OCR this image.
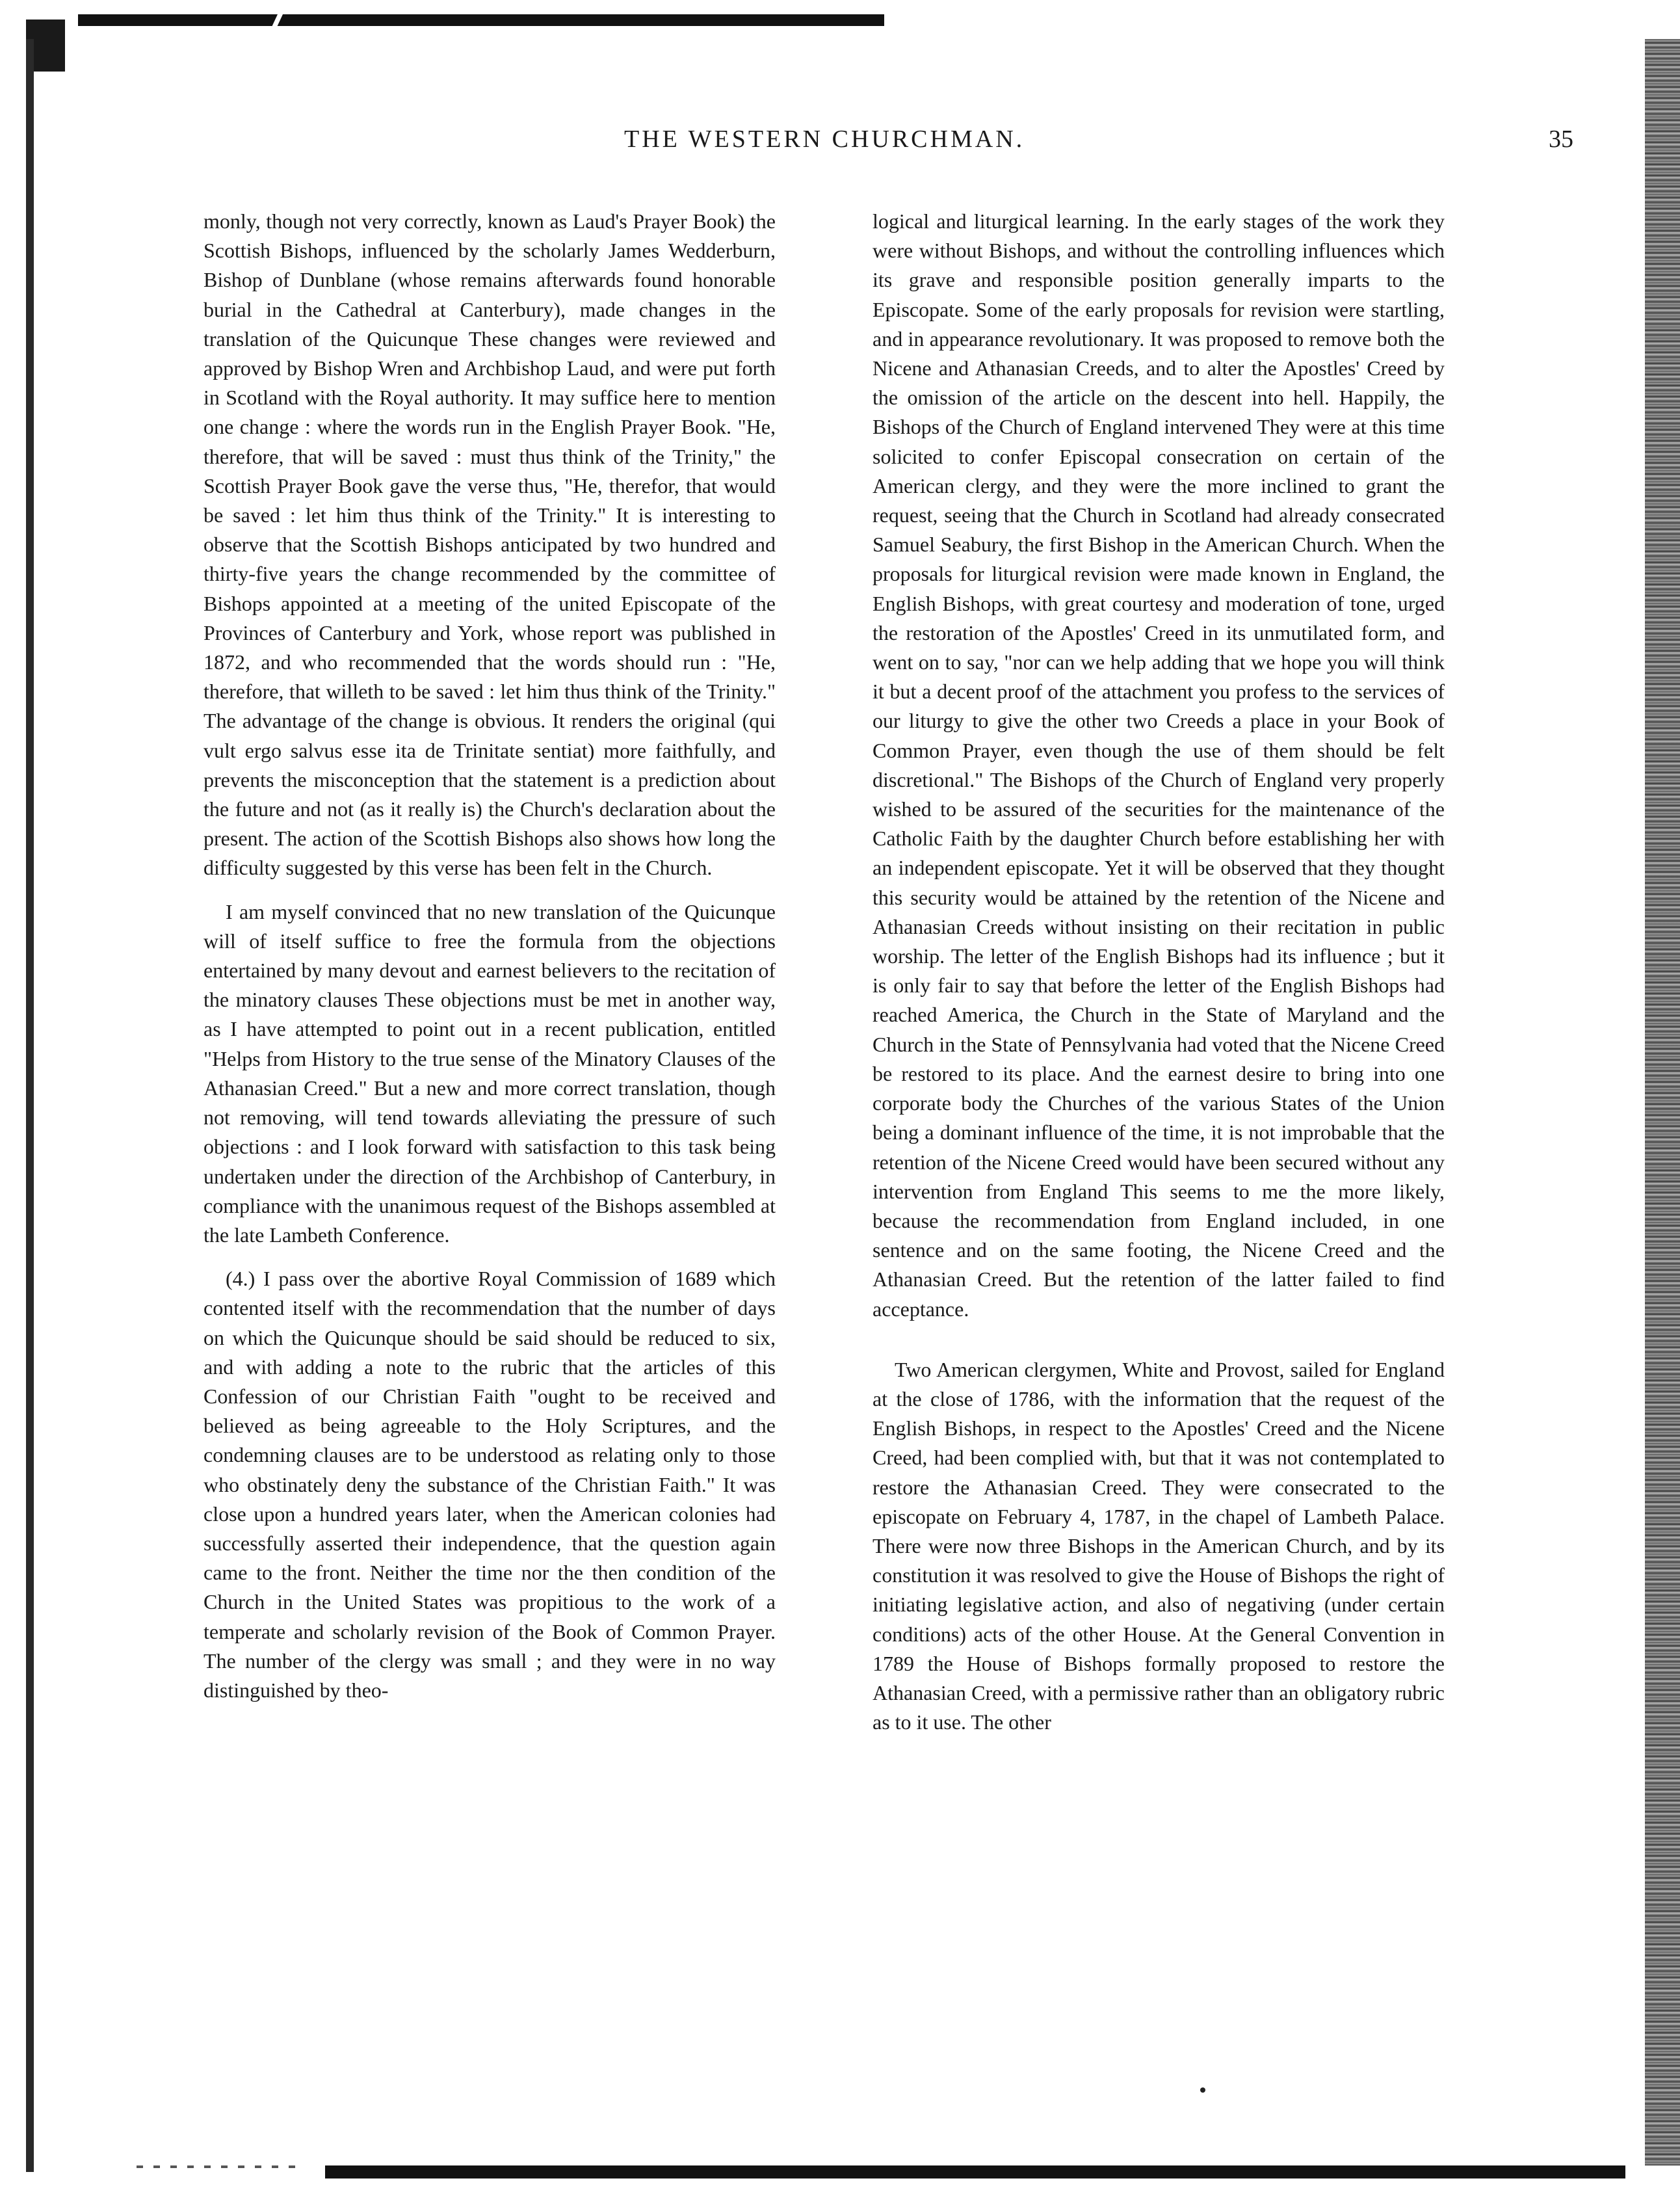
THE WESTERN CHURCHMAN.	35

monly, though not very correctly, known as Laud's Prayer Book) the Scottish Bishops, influenced by the scholarly James Wedderburn, Bishop of Dunblane (whose remains afterwards found honorable burial in the Cathedral at Canterbury), made changes in the translation of the Quicunque These changes were reviewed and approved by Bishop Wren and Archbishop Laud, and were put forth in Scotland with the Royal authority. It may suffice here to mention one change : where the words run in the English Prayer Book. "He, therefore, that will be saved : must thus think of the Trinity," the Scottish Prayer Book gave the verse thus, "He, therefor, that would be saved : let him thus think of the Trinity." It is interesting to observe that the Scottish Bishops anticipated by two hundred and thirty-five years the change recommended by the committee of Bishops appointed at a meeting of the united Episcopate of the Provinces of Canterbury and York, whose report was published in 1872, and who recommended that the words should run : "He, therefore, that willeth to be saved : let him thus think of the Trinity." The advantage of the change is obvious. It renders the original (qui vult ergo salvus esse ita de Trinitate sentiat) more faithfully, and prevents the misconception that the statement is a prediction about the future and not (as it really is) the Church's declaration about the present. The action of the Scottish Bishops also shows how long the difficulty suggested by this verse has been felt in the Church.

I am myself convinced that no new translation of the Quicunque will of itself suffice to free the formula from the objections entertained by many devout and earnest believers to the recitation of the minatory clauses These objections must be met in another way, as I have attempted to point out in a recent publication, entitled "Helps from History to the true sense of the Minatory Clauses of the Athanasian Creed." But a new and more correct translation, though not removing, will tend towards alleviating the pressure of such objections : and I look forward with satisfaction to this task being undertaken under the direction of the Archbishop of Canterbury, in compliance with the unanimous request of the Bishops assembled at the late Lambeth Conference.

(4.) I pass over the abortive Royal Commission of 1689 which contented itself with the recommendation that the number of days on which the Quicunque should be said should be reduced to six, and with adding a note to the rubric that the articles of this Confession of our Christian Faith "ought to be received and believed as being agreeable to the Holy Scriptures, and the condemning clauses are to be understood as relating only to those who obstinately deny the substance of the Christian Faith." It was close upon a hundred years later, when the American colonies had successfully asserted their independence, that the question again came to the front. Neither the time nor the then condition of the Church in the United States was propitious to the work of a temperate and scholarly revision of the Book of Common Prayer. The number of the clergy was small ; and they were in no way distinguished by theo-

logical and liturgical learning. In the early stages of the work they were without Bishops, and without the controlling influences which its grave and responsible position generally imparts to the Episcopate. Some of the early proposals for revision were startling, and in appearance revolutionary. It was proposed to remove both the Nicene and Athanasian Creeds, and to alter the Apostles' Creed by the omission of the article on the descent into hell. Happily, the Bishops of the Church of England intervened They were at this time solicited to confer Episcopal consecration on certain of the American clergy, and they were the more inclined to grant the request, seeing that the Church in Scotland had already consecrated Samuel Seabury, the first Bishop in the American Church. When the proposals for liturgical revision were made known in England, the English Bishops, with great courtesy and moderation of tone, urged the restoration of the Apostles' Creed in its unmutilated form, and went on to say, "nor can we help adding that we hope you will think it but a decent proof of the attachment you profess to the services of our liturgy to give the other two Creeds a place in your Book of Common Prayer, even though the use of them should be felt discretional." The Bishops of the Church of England very properly wished to be assured of the securities for the maintenance of the Catholic Faith by the daughter Church before establishing her with an independent episcopate. Yet it will be observed that they thought this security would be attained by the retention of the Nicene and Athanasian Creeds without insisting on their recitation in public worship. The letter of the English Bishops had its influence ; but it is only fair to say that before the letter of the English Bishops had reached America, the Church in the State of Maryland and the Church in the State of Pennsylvania had voted that the Nicene Creed be restored to its place. And the earnest desire to bring into one corporate body the Churches of the various States of the Union being a dominant influence of the time, it is not improbable that the retention of the Nicene Creed would have been secured without any intervention from England This seems to me the more likely, because the recommendation from England included, in one sentence and on the same footing, the Nicene Creed and the Athanasian Creed. But the retention of the latter failed to find acceptance.

Two American clergymen, White and Provost, sailed for England at the close of 1786, with the information that the request of the English Bishops, in respect to the Apostles' Creed and the Nicene Creed, had been complied with, but that it was not contemplated to restore the Athanasian Creed. They were consecrated to the episcopate on February 4, 1787, in the chapel of Lambeth Palace. There were now three Bishops in the American Church, and by its constitution it was resolved to give the House of Bishops the right of initiating legislative action, and also of negativing (under certain conditions) acts of the other House. At the General Convention in 1789 the House of Bishops formally proposed to restore the Athanasian Creed, with a permissive rather than an obligatory rubric as to it use. The other
